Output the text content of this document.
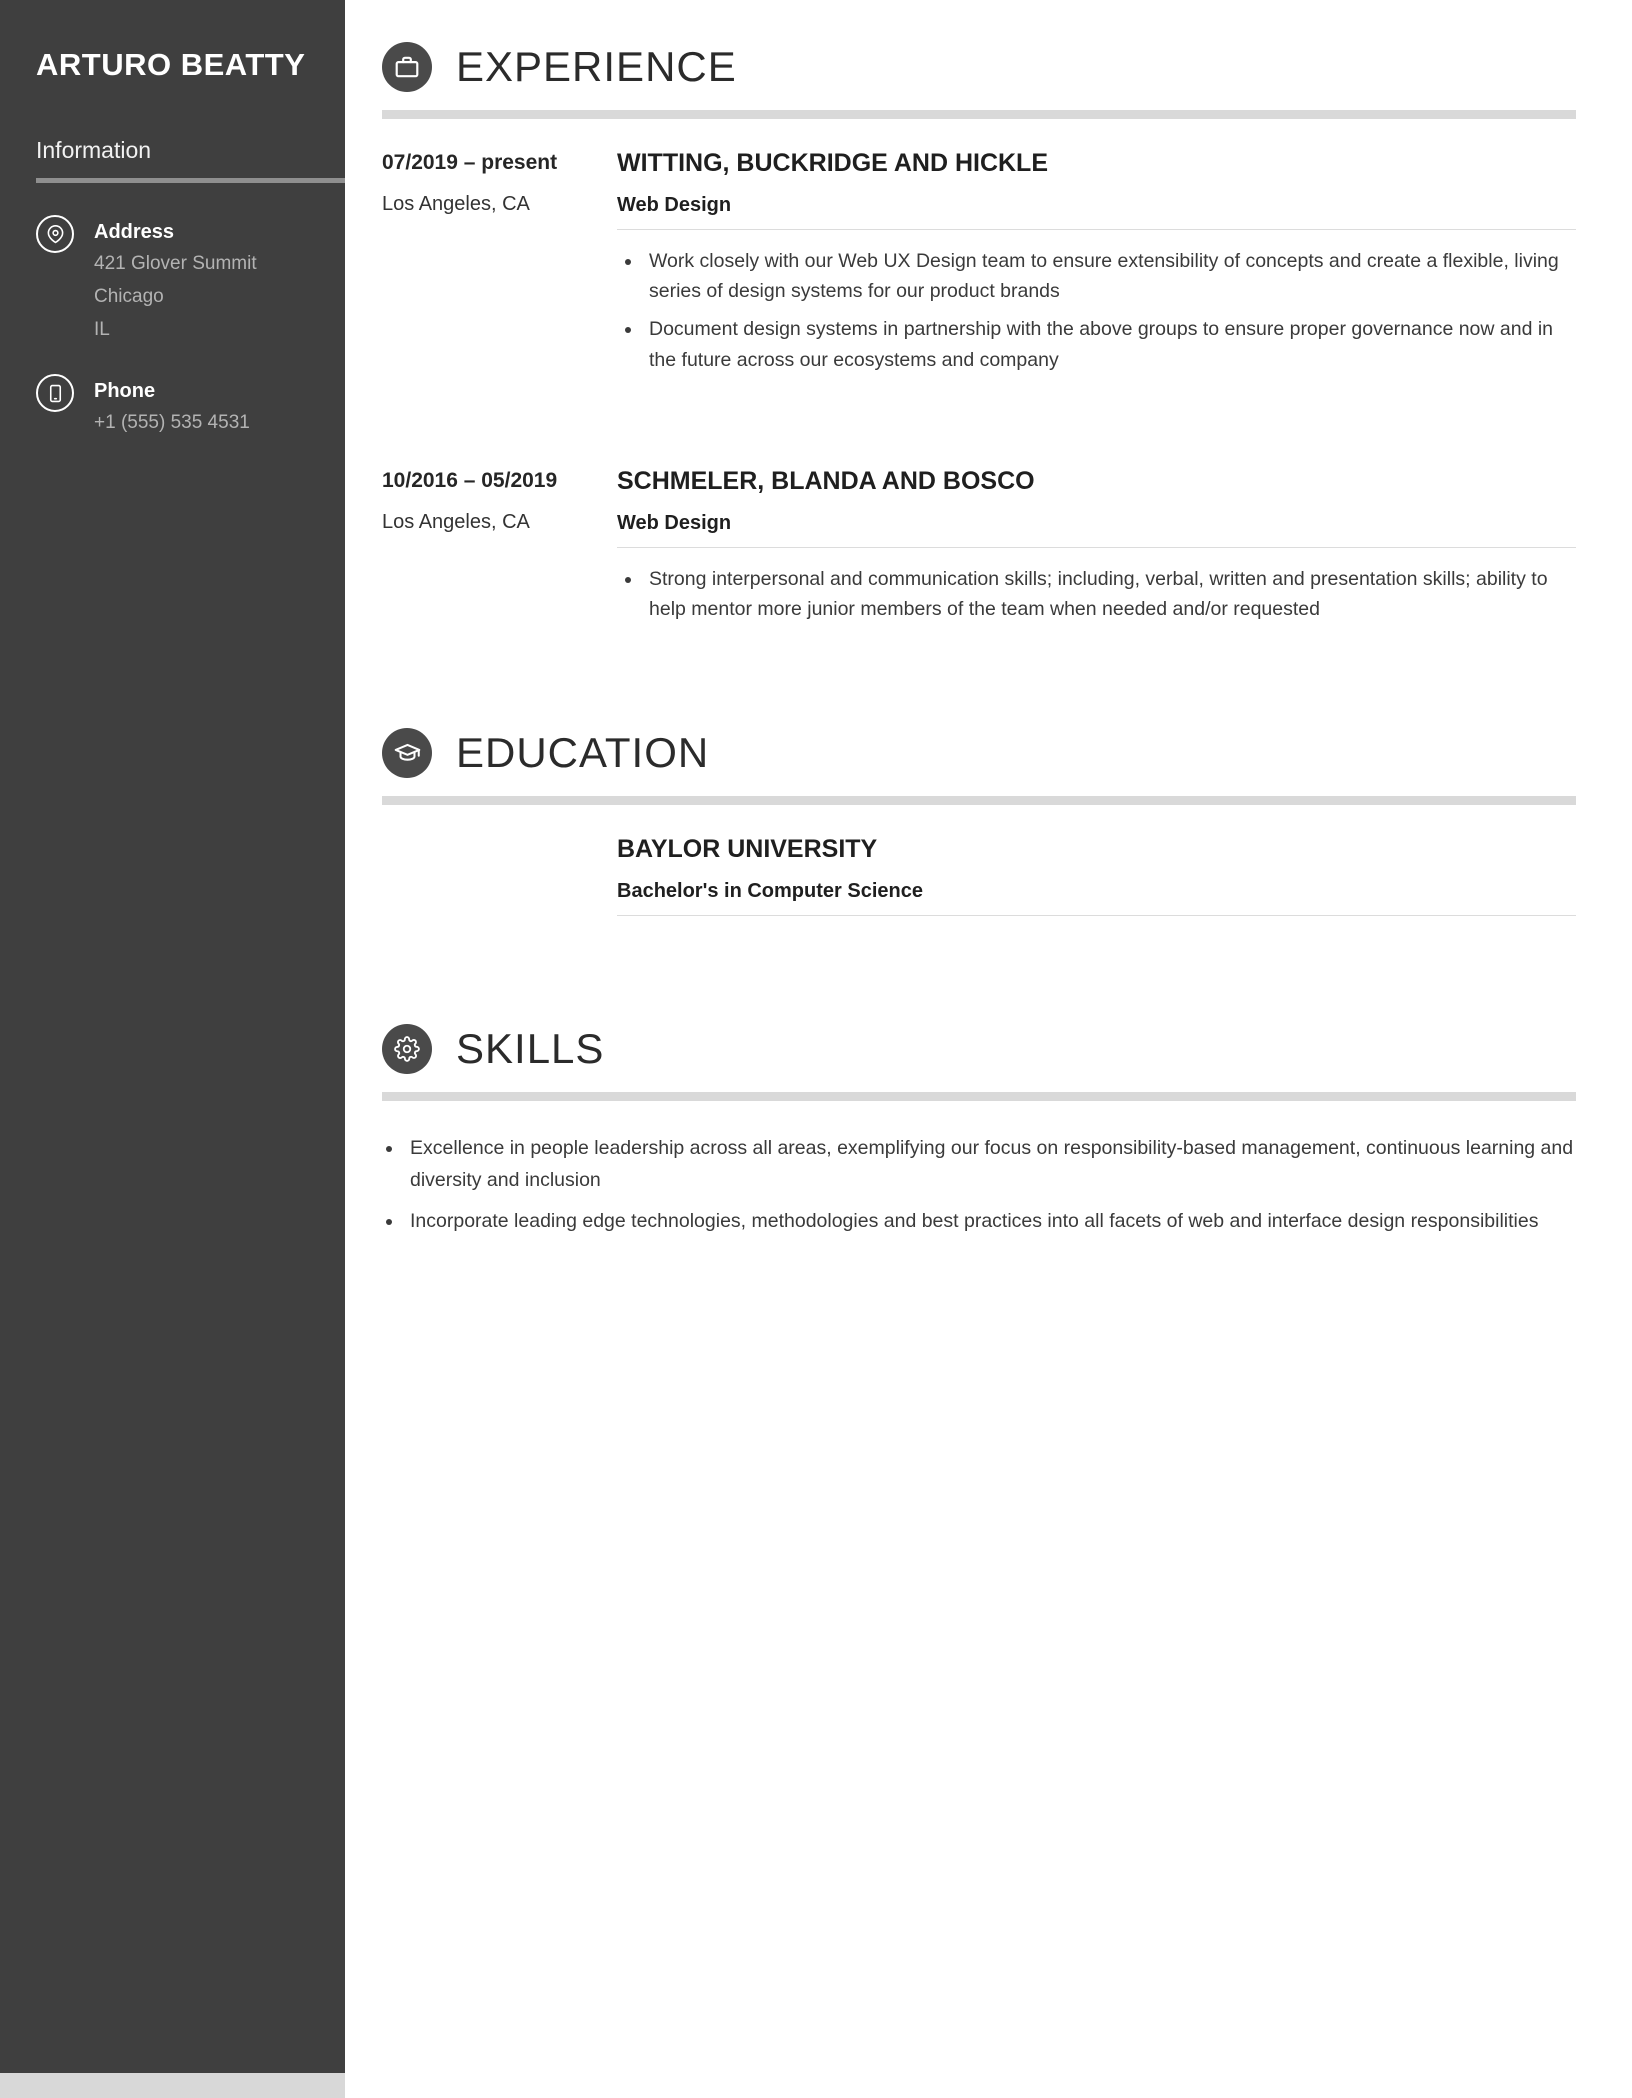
ARTURO BEATTY
Information
Address
421 Glover Summit
Chicago
IL
Phone
+1 (555) 535 4531
EXPERIENCE
07/2019 – present
Los Angeles, CA
WITTING, BUCKRIDGE AND HICKLE
Web Design
• Work closely with our Web UX Design team to ensure extensibility of concepts and create a flexible, living series of design systems for our product brands
• Document design systems in partnership with the above groups to ensure proper governance now and in the future across our ecosystems and company
10/2016 – 05/2019
Los Angeles, CA
SCHMELER, BLANDA AND BOSCO
Web Design
• Strong interpersonal and communication skills; including, verbal, written and presentation skills; ability to help mentor more junior members of the team when needed and/or requested
EDUCATION
BAYLOR UNIVERSITY
Bachelor's in Computer Science
SKILLS
• Excellence in people leadership across all areas, exemplifying our focus on responsibility-based management, continuous learning and diversity and inclusion
• Incorporate leading edge technologies, methodologies and best practices into all facets of web and interface design responsibilities
